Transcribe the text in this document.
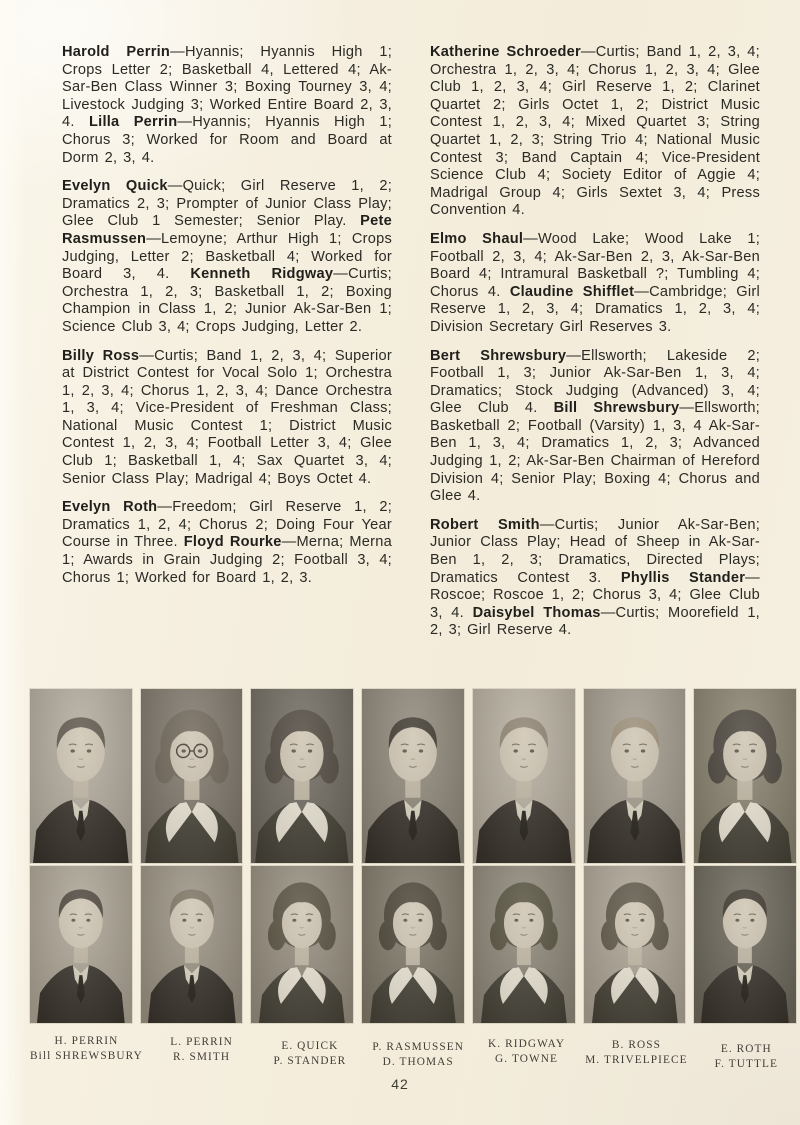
Harold Perrin—Hyannis; Hyannis High 1; Crops Letter 2; Basketball 4, Lettered 4; Ak-Sar-Ben Class Winner 3; Boxing Tourney 3, 4; Livestock Judging 3; Worked Entire Board 2, 3, 4. Lilla Perrin—Hyannis; Hyannis High 1; Chorus 3; Worked for Room and Board at Dorm 2, 3, 4.

Evelyn Quick—Quick; Girl Reserve 1, 2; Dramatics 2, 3; Prompter of Junior Class Play; Glee Club 1 Semester; Senior Play. Pete Rasmussen—Lemoyne; Arthur High 1; Crops Judging, Letter 2; Basketball 4; Worked for Board 3, 4. Kenneth Ridgway—Curtis; Orchestra 1, 2, 3; Basketball 1, 2; Boxing Champion in Class 1, 2; Junior Ak-Sar-Ben 1; Science Club 3, 4; Crops Judging, Letter 2.

Billy Ross—Curtis; Band 1, 2, 3, 4; Superior at District Contest for Vocal Solo 1; Orchestra 1, 2, 3, 4; Chorus 1, 2, 3, 4; Dance Orchestra 1, 3, 4; Vice-President of Freshman Class; National Music Contest 1; District Music Contest 1, 2, 3, 4; Football Letter 3, 4; Glee Club 1; Basketball 1, 4; Sax Quartet 3, 4; Senior Class Play; Madrigal 4; Boys Octet 4.

Evelyn Roth—Freedom; Girl Reserve 1, 2; Dramatics 1, 2, 4; Chorus 2; Doing Four Year Course in Three. Floyd Rourke—Merna; Merna 1; Awards in Grain Judging 2; Football 3, 4; Chorus 1; Worked for Board 1, 2, 3.

Katherine Schroeder—Curtis; Band 1, 2, 3, 4; Orchestra 1, 2, 3, 4; Chorus 1, 2, 3, 4; Glee Club 1, 2, 3, 4; Girl Reserve 1, 2; Clarinet Quartet 2; Girls Octet 1, 2; District Music Contest 1, 2, 3, 4; Mixed Quartet 3; String Quartet 1, 2, 3; String Trio 4; National Music Contest 3; Band Captain 4; Vice-President Science Club 4; Society Editor of Aggie 4; Madrigal Group 4; Girls Sextet 3, 4; Press Convention 4.

Elmo Shaul—Wood Lake; Wood Lake 1; Football 2, 3, 4; Ak-Sar-Ben 2, 3, Ak-Sar-Ben Board 4; Intramural Basketball ?; Tumbling 4; Chorus 4. Claudine Shifflet—Cambridge; Girl Reserve 1, 2, 3, 4; Dramatics 1, 2, 3, 4; Division Secretary Girl Reserves 3.

Bert Shrewsbury—Ellsworth; Lakeside 2; Football 1, 3; Junior Ak-Sar-Ben 1, 3, 4; Dramatics; Stock Judging (Advanced) 3, 4; Glee Club 4. Bill Shrewsbury—Ellsworth; Basketball 2; Football (Varsity) 1, 3, 4 Ak-Sar-Ben 1, 3, 4; Dramatics 1, 2, 3; Advanced Judging 1, 2; Ak-Sar-Ben Chairman of Hereford Division 4; Senior Play; Boxing 4; Chorus and Glee 4.

Robert Smith—Curtis; Junior Ak-Sar-Ben; Junior Class Play; Head of Sheep in Ak-Sar-Ben 1, 2, 3; Dramatics, Directed Plays; Dramatics Contest 3. Phyllis Stander—Roscoe; Roscoe 1, 2; Chorus 3, 4; Glee Club 3, 4. Daisybel Thomas—Curtis; Moorefield 1, 2, 3; Girl Reserve 4.

H. PERRIN
Bill SHREWSBURY
L. PERRIN
R. SMITH
E. QUICK
P. STANDER
P. RASMUSSEN
D. THOMAS
K. RIDGWAY
G. TOWNE
B. ROSS
M. TRIVELPIECE
E. ROTH
F. TUTTLE
42
